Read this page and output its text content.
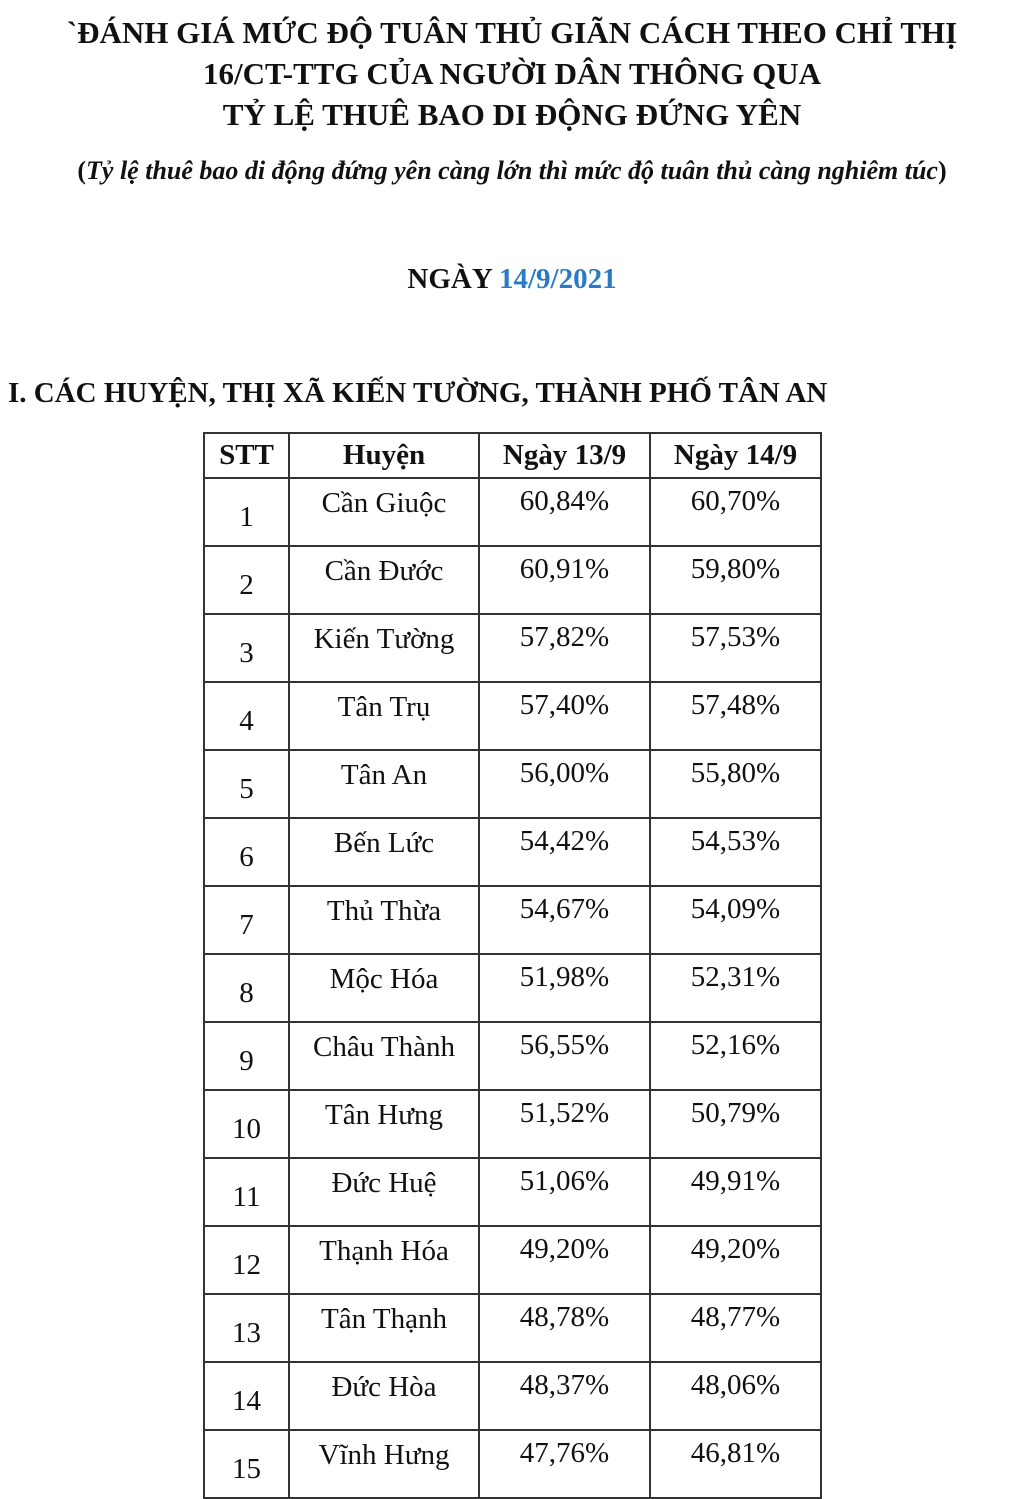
`ĐÁNH GIÁ MỨC ĐỘ TUÂN THỦ GIÃN CÁCH THEO CHỈ THỊ
16/CT-TTG CỦA NGƯỜI DÂN THÔNG QUA
TỶ LỆ THUÊ BAO DI ĐỘNG ĐỨNG YÊN
(Tỷ lệ thuê bao di động đứng yên càng lớn thì mức độ tuân thủ càng nghiêm túc)
NGÀY 14/9/2021
I. CÁC HUYỆN, THỊ XÃ KIẾN TƯỜNG, THÀNH PHỐ TÂN AN
STT	Huyện	Ngày 13/9	Ngày 14/9
1	Cần Giuộc	60,84%	60,70%
2	Cần Đước	60,91%	59,80%
3	Kiến Tường	57,82%	57,53%
4	Tân Trụ	57,40%	57,48%
5	Tân An	56,00%	55,80%
6	Bến Lức	54,42%	54,53%
7	Thủ Thừa	54,67%	54,09%
8	Mộc Hóa	51,98%	52,31%
9	Châu Thành	56,55%	52,16%
10	Tân Hưng	51,52%	50,79%
11	Đức Huệ	51,06%	49,91%
12	Thạnh Hóa	49,20%	49,20%
13	Tân Thạnh	48,78%	48,77%
14	Đức Hòa	48,37%	48,06%
15	Vĩnh Hưng	47,76%	46,81%
